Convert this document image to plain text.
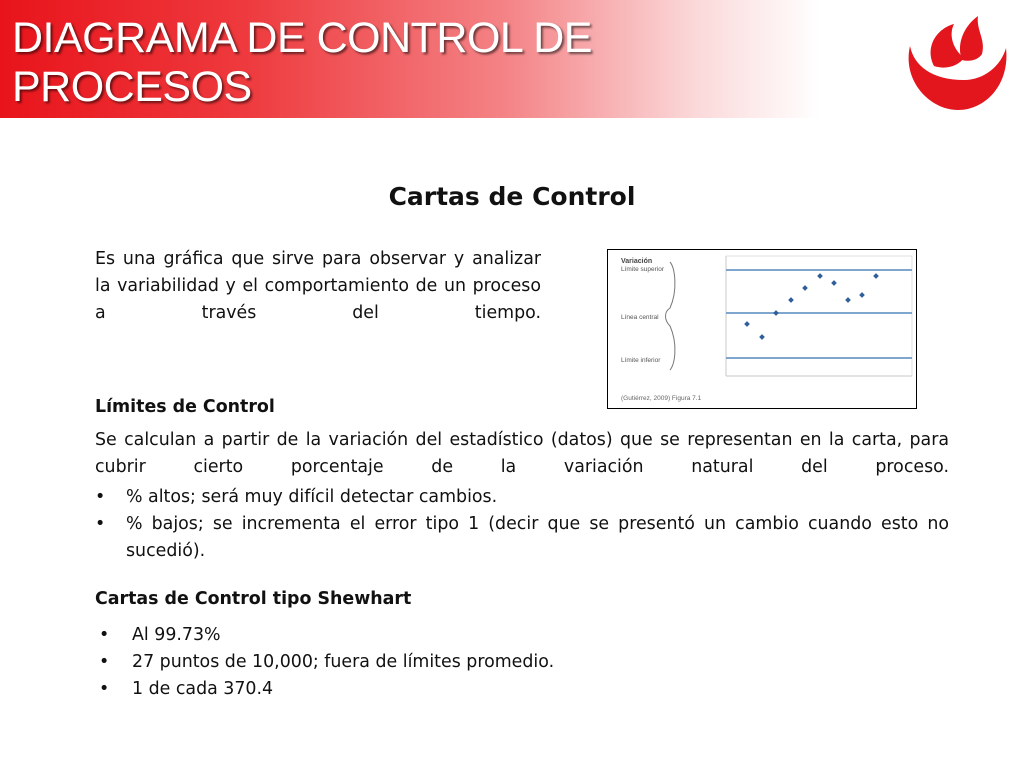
DIAGRAMA DE CONTROL DE PROCESOS
Cartas de Control
Es una gráfica que sirve para observar y analizar la variabilidad y el comportamiento de un proceso a través del tiempo.
Variación
Límite superior
Línea central
Límite inferior
(Gutiérrez, 2009) Figura 7.1
Límites de Control
Se calculan a partir de la variación del estadístico (datos) que se representan en la carta, para cubrir cierto porcentaje de la variación natural del proceso.
• % altos; será muy difícil detectar cambios.
• % bajos; se incrementa el error tipo 1 (decir que se presentó un cambio cuando esto no sucedió).
Cartas de Control tipo Shewhart
• Al 99.73%
• 27 puntos de 10,000; fuera de límites promedio.
• 1 de cada 370.4
